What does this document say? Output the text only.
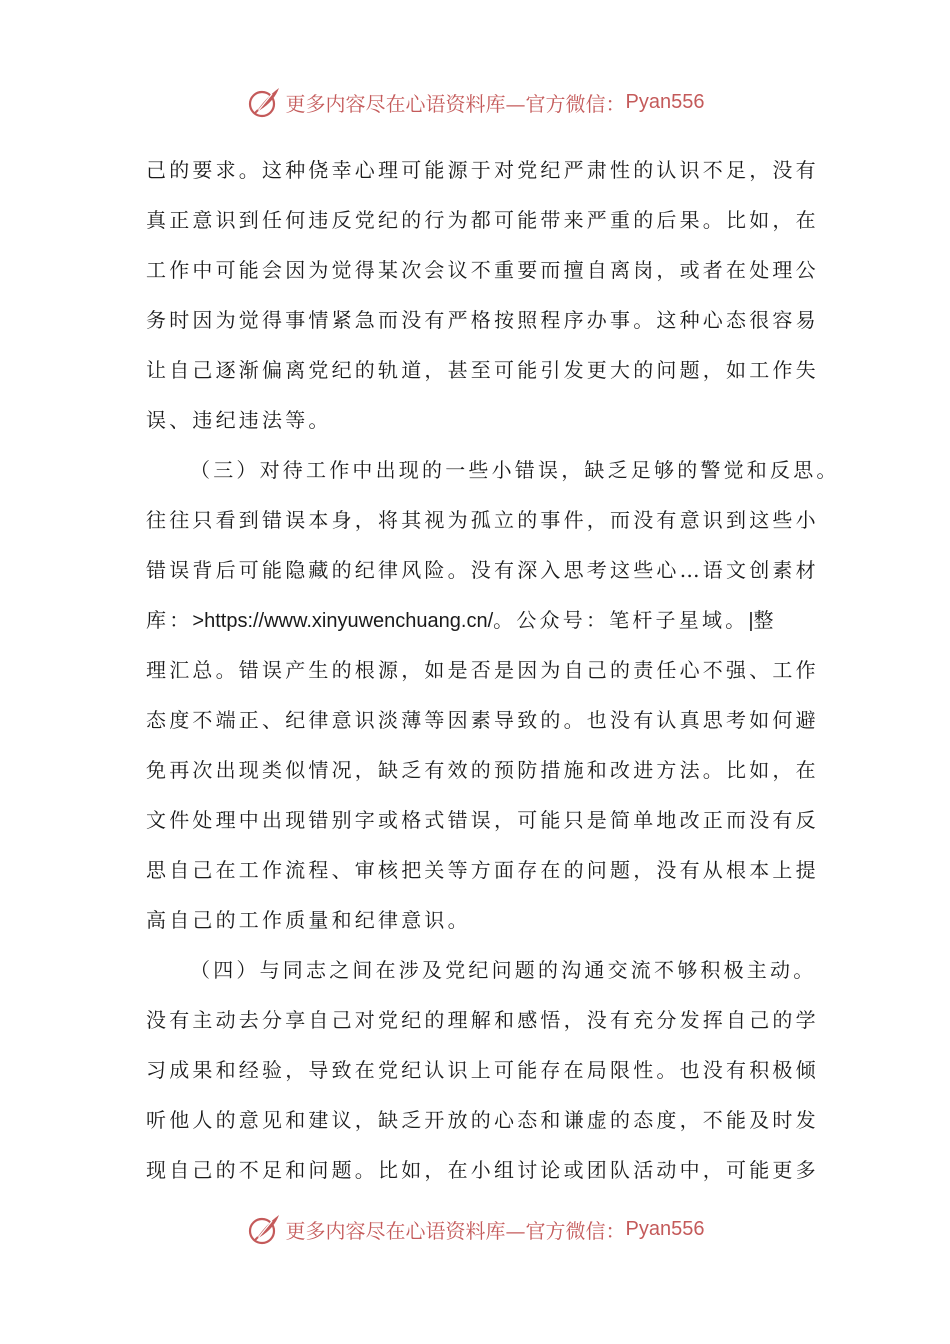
更多内容尽在心语资料库—官方微信： Pyan556
己的要求。这种侥幸心理可能源于对党纪严肃性的认识不足，没有
真正意识到任何违反党纪的行为都可能带来严重的后果。比如，在
工作中可能会因为觉得某次会议不重要而擅自离岗，或者在处理公
务时因为觉得事情紧急而没有严格按照程序办事。这种心态很容易
让自己逐渐偏离党纪的轨道，甚至可能引发更大的问题，如工作失
误、违纪违法等。
（三）对待工作中出现的一些小错误，缺乏足够的警觉和反思。
往往只看到错误本身，将其视为孤立的事件，而没有意识到这些小
错误背后可能隐藏的纪律风险。没有深入思考这些心…语文创素材
库：>https://www.xinyuwenchuang.cn/。公众号：笔杆子星域。|整
理汇总。错误产生的根源，如是否是因为自己的责任心不强、工作
态度不端正、纪律意识淡薄等因素导致的。也没有认真思考如何避
免再次出现类似情况，缺乏有效的预防措施和改进方法。比如，在
文件处理中出现错别字或格式错误，可能只是简单地改正而没有反
思自己在工作流程、审核把关等方面存在的问题，没有从根本上提
高自己的工作质量和纪律意识。
（四）与同志之间在涉及党纪问题的沟通交流不够积极主动。
没有主动去分享自己对党纪的理解和感悟，没有充分发挥自己的学
习成果和经验，导致在党纪认识上可能存在局限性。也没有积极倾
听他人的意见和建议，缺乏开放的心态和谦虚的态度，不能及时发
现自己的不足和问题。比如，在小组讨论或团队活动中，可能更多
更多内容尽在心语资料库—官方微信： Pyan556
